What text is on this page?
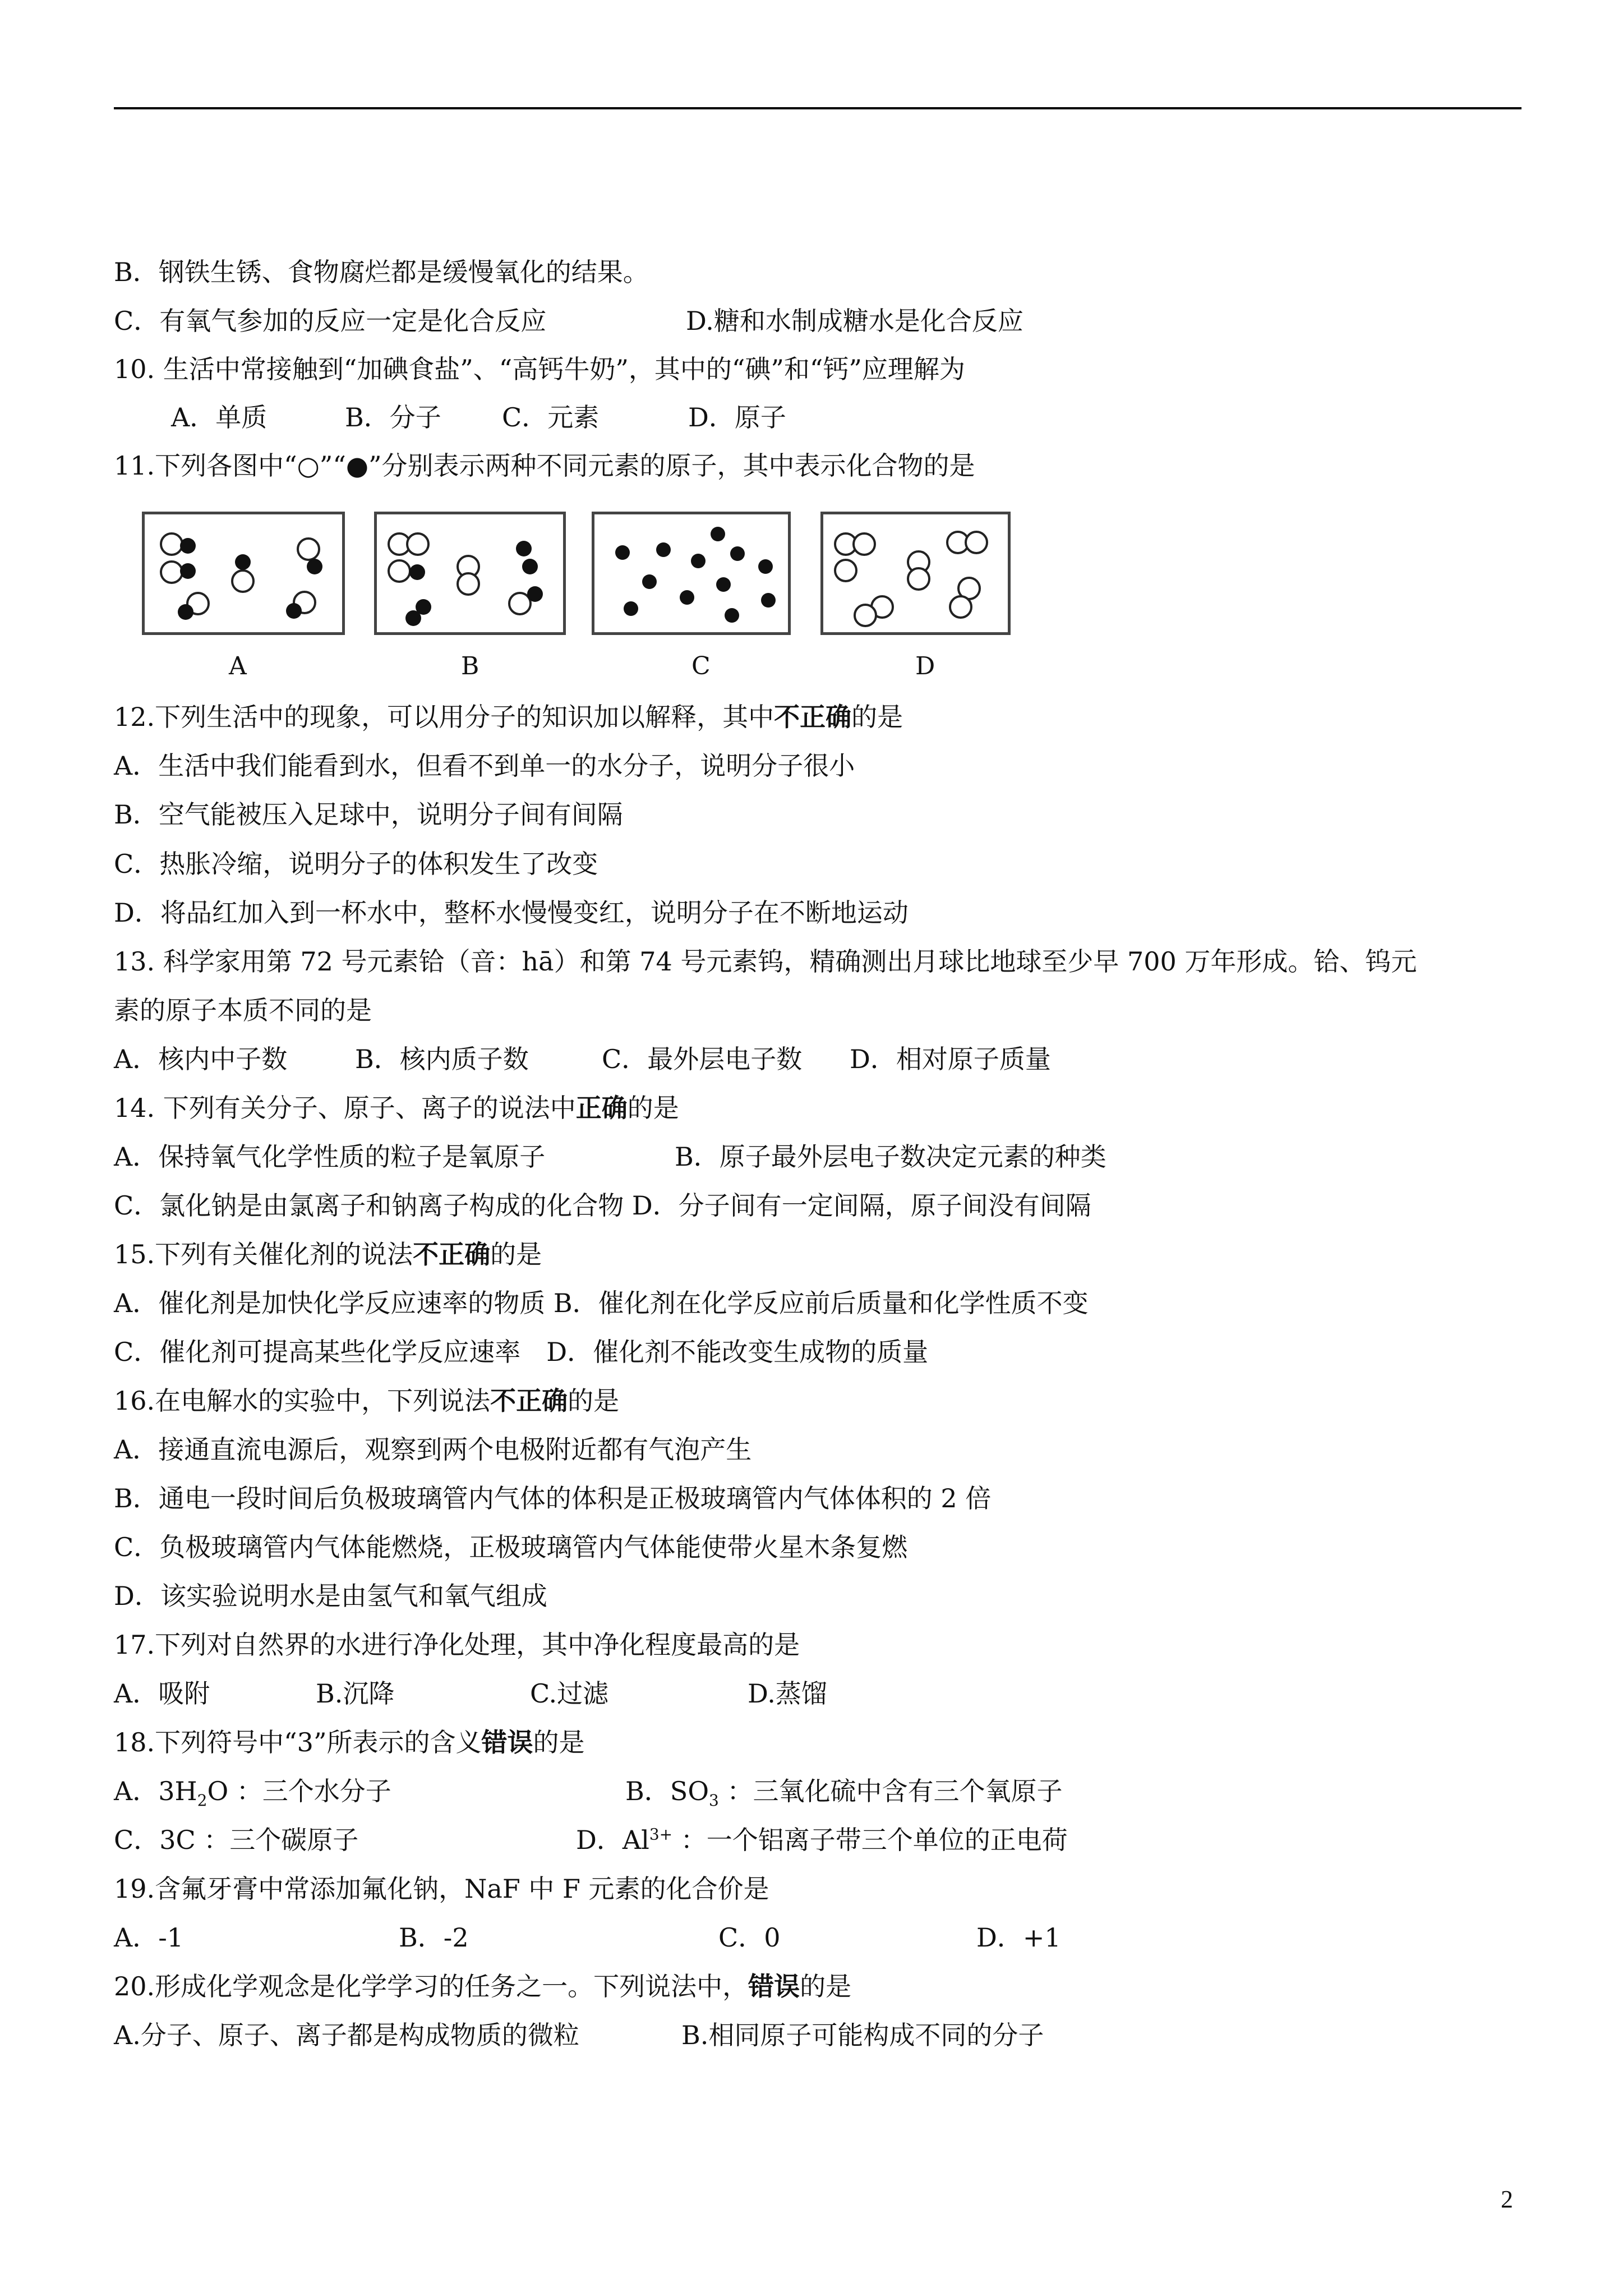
B．钢铁生锈、食物腐烂都是缓慢氧化的结果。
C．有氧气参加的反应一定是化合反应	D.糖和水制成糖水是化合反应
10. 生活中常接触到“加碘食盐”、“高钙牛奶”，其中的“碘”和“钙”应理解为
A．单质	B．分子 C．元素	D．原子
11.下列各图中“○”“●”分别表示两种不同元素的原子，其中表示化合物的是
A	B	C	D
12.下列生活中的现象，可以用分子的知识加以解释，其中不正确的是
A．生活中我们能看到水，但看不到单一的水分子，说明分子很小
B．空气能被压入足球中，说明分子间有间隔
C．热胀冷缩，说明分子的体积发生了改变
D．将品红加入到一杯水中，整杯水慢慢变红，说明分子在不断地运动
13. 科学家用第 72 号元素铪（音：hā）和第 74 号元素钨，精确测出月球比地球至少早 700 万年形成。铪、钨元
素的原子本质不同的是
A．核内中子数	B．核内质子数	C．最外层电子数 D．相对原子质量
14. 下列有关分子、原子、离子的说法中正确的是
A．保持氧气化学性质的粒子是氧原子	B．原子最外层电子数决定元素的种类
C．氯化钠是由氯离子和钠离子构成的化合物 D．分子间有一定间隔，原子间没有间隔
15.下列有关催化剂的说法不正确的是
A．催化剂是加快化学反应速率的物质 B．催化剂在化学反应前后质量和化学性质不变
C．催化剂可提高某些化学反应速率　D．催化剂不能改变生成物的质量
16.在电解水的实验中，下列说法不正确的是
A．接通直流电源后，观察到两个电极附近都有气泡产生
B．通电一段时间后负极玻璃管内气体的体积是正极玻璃管内气体体积的 2 倍
C．负极玻璃管内气体能燃烧，正极玻璃管内气体能使带火星木条复燃
D．该实验说明水是由氢气和氧气组成
17.下列对自然界的水进行净化处理，其中净化程度最高的是
A．吸附	B.沉降	C.过滤	D.蒸馏
18.下列符号中“3”所表示的含义错误的是
A．$3H_2O$ ：三个水分子	B．$SO_3$ ：三氧化硫中含有三个氧原子
C．3C ：三个碳原子	D．$Al^{3+}$ ：一个铝离子带三个单位的正电荷
19.含氟牙膏中常添加氟化钠，NaF 中 F 元素的化合价是
A．-1	B．-2	C．0	D．+1
20.形成化学观念是化学学习的任务之一。下列说法中，错误的是
A.分子、原子、离子都是构成物质的微粒	B.相同原子可能构成不同的分子
2
